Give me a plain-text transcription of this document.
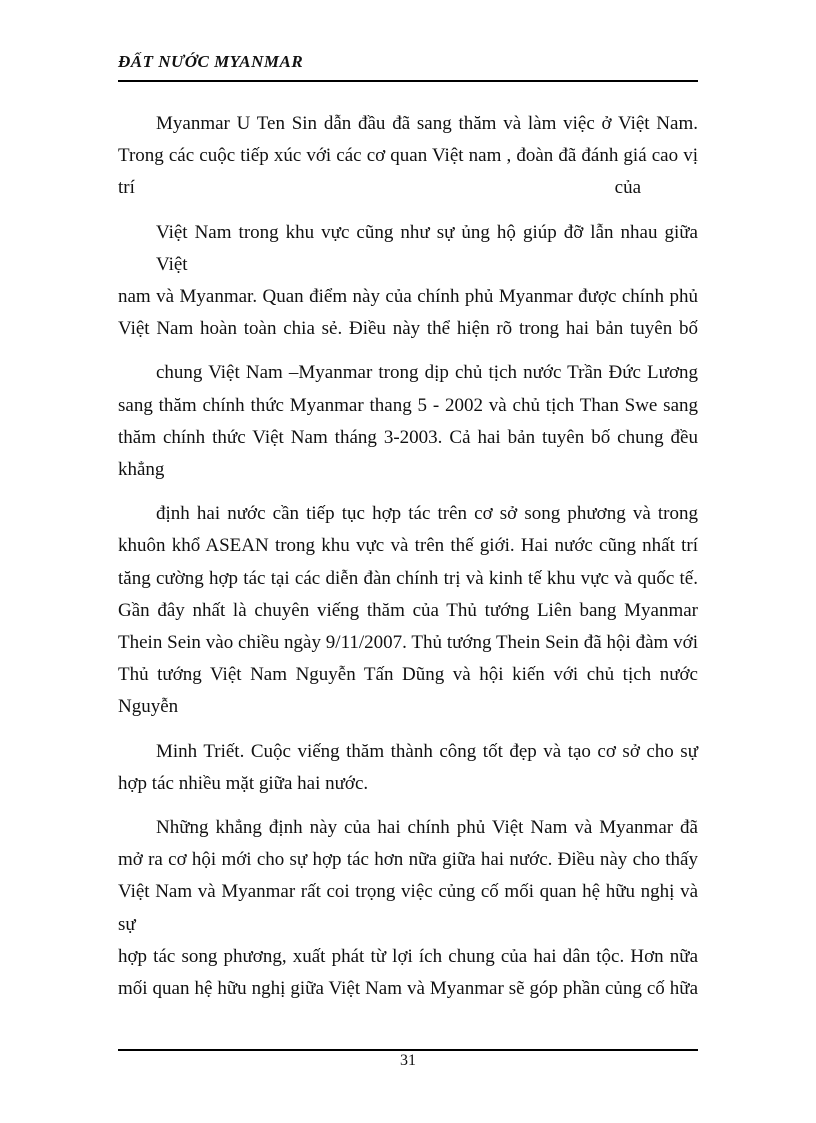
ĐẤT NƯỚC MYANMAR
Myanmar U Ten Sin dẫn đầu đã sang thăm và làm việc ở Việt Nam.
Trong các cuộc tiếp xúc với các cơ quan Việt nam , đoàn đã đánh giá cao vị
trí                                                                                                     của
Việt Nam trong khu vực cũng như sự ủng hộ giúp đỡ lẫn nhau giữa Việt
nam và Myanmar. Quan điểm này của chính phủ Myanmar được chính phủ
Việt Nam hoàn toàn chia sẻ. Điều này thể hiện rõ trong hai bản tuyên bố
chung Việt Nam –Myanmar trong dịp chủ tịch nước Trần Đức Lương
sang thăm chính thức Myanmar thang 5 - 2002 và chủ tịch Than Swe sang
thăm chính thức Việt Nam tháng 3-2003. Cả hai bản tuyên bố chung đều
khẳng
định hai nước cần tiếp tục hợp tác trên cơ sở song phương và trong
khuôn khổ ASEAN trong khu vực và trên thế giới. Hai nước cũng nhất trí
tăng cường hợp tác tại các diễn đàn chính trị và kinh tế khu vực và quốc tế.
Gần đây nhất là chuyên viếng thăm của Thủ tướng Liên bang Myanmar
Thein Sein vào chiều ngày 9/11/2007. Thủ tướng Thein Sein đã hội đàm với
Thủ tướng Việt Nam Nguyễn Tấn Dũng và hội kiến với chủ tịch nước
Nguyễn
Minh Triết. Cuộc viếng thăm thành công tốt đẹp và tạo cơ sở cho sự
hợp tác nhiều mặt giữa hai nước.
Những khẳng định này của hai chính phủ Việt Nam và Myanmar đã
mở ra cơ hội mới cho sự hợp tác hơn nữa giữa hai nước. Điều này cho thấy
Việt Nam và Myanmar rất coi trọng việc củng cố mối quan hệ hữu nghị và sự
hợp tác song phương, xuất phát từ lợi ích chung của hai dân tộc. Hơn nữa
mối quan hệ hữu nghị giữa Việt Nam và Myanmar sẽ góp phần củng cố hữa
31
